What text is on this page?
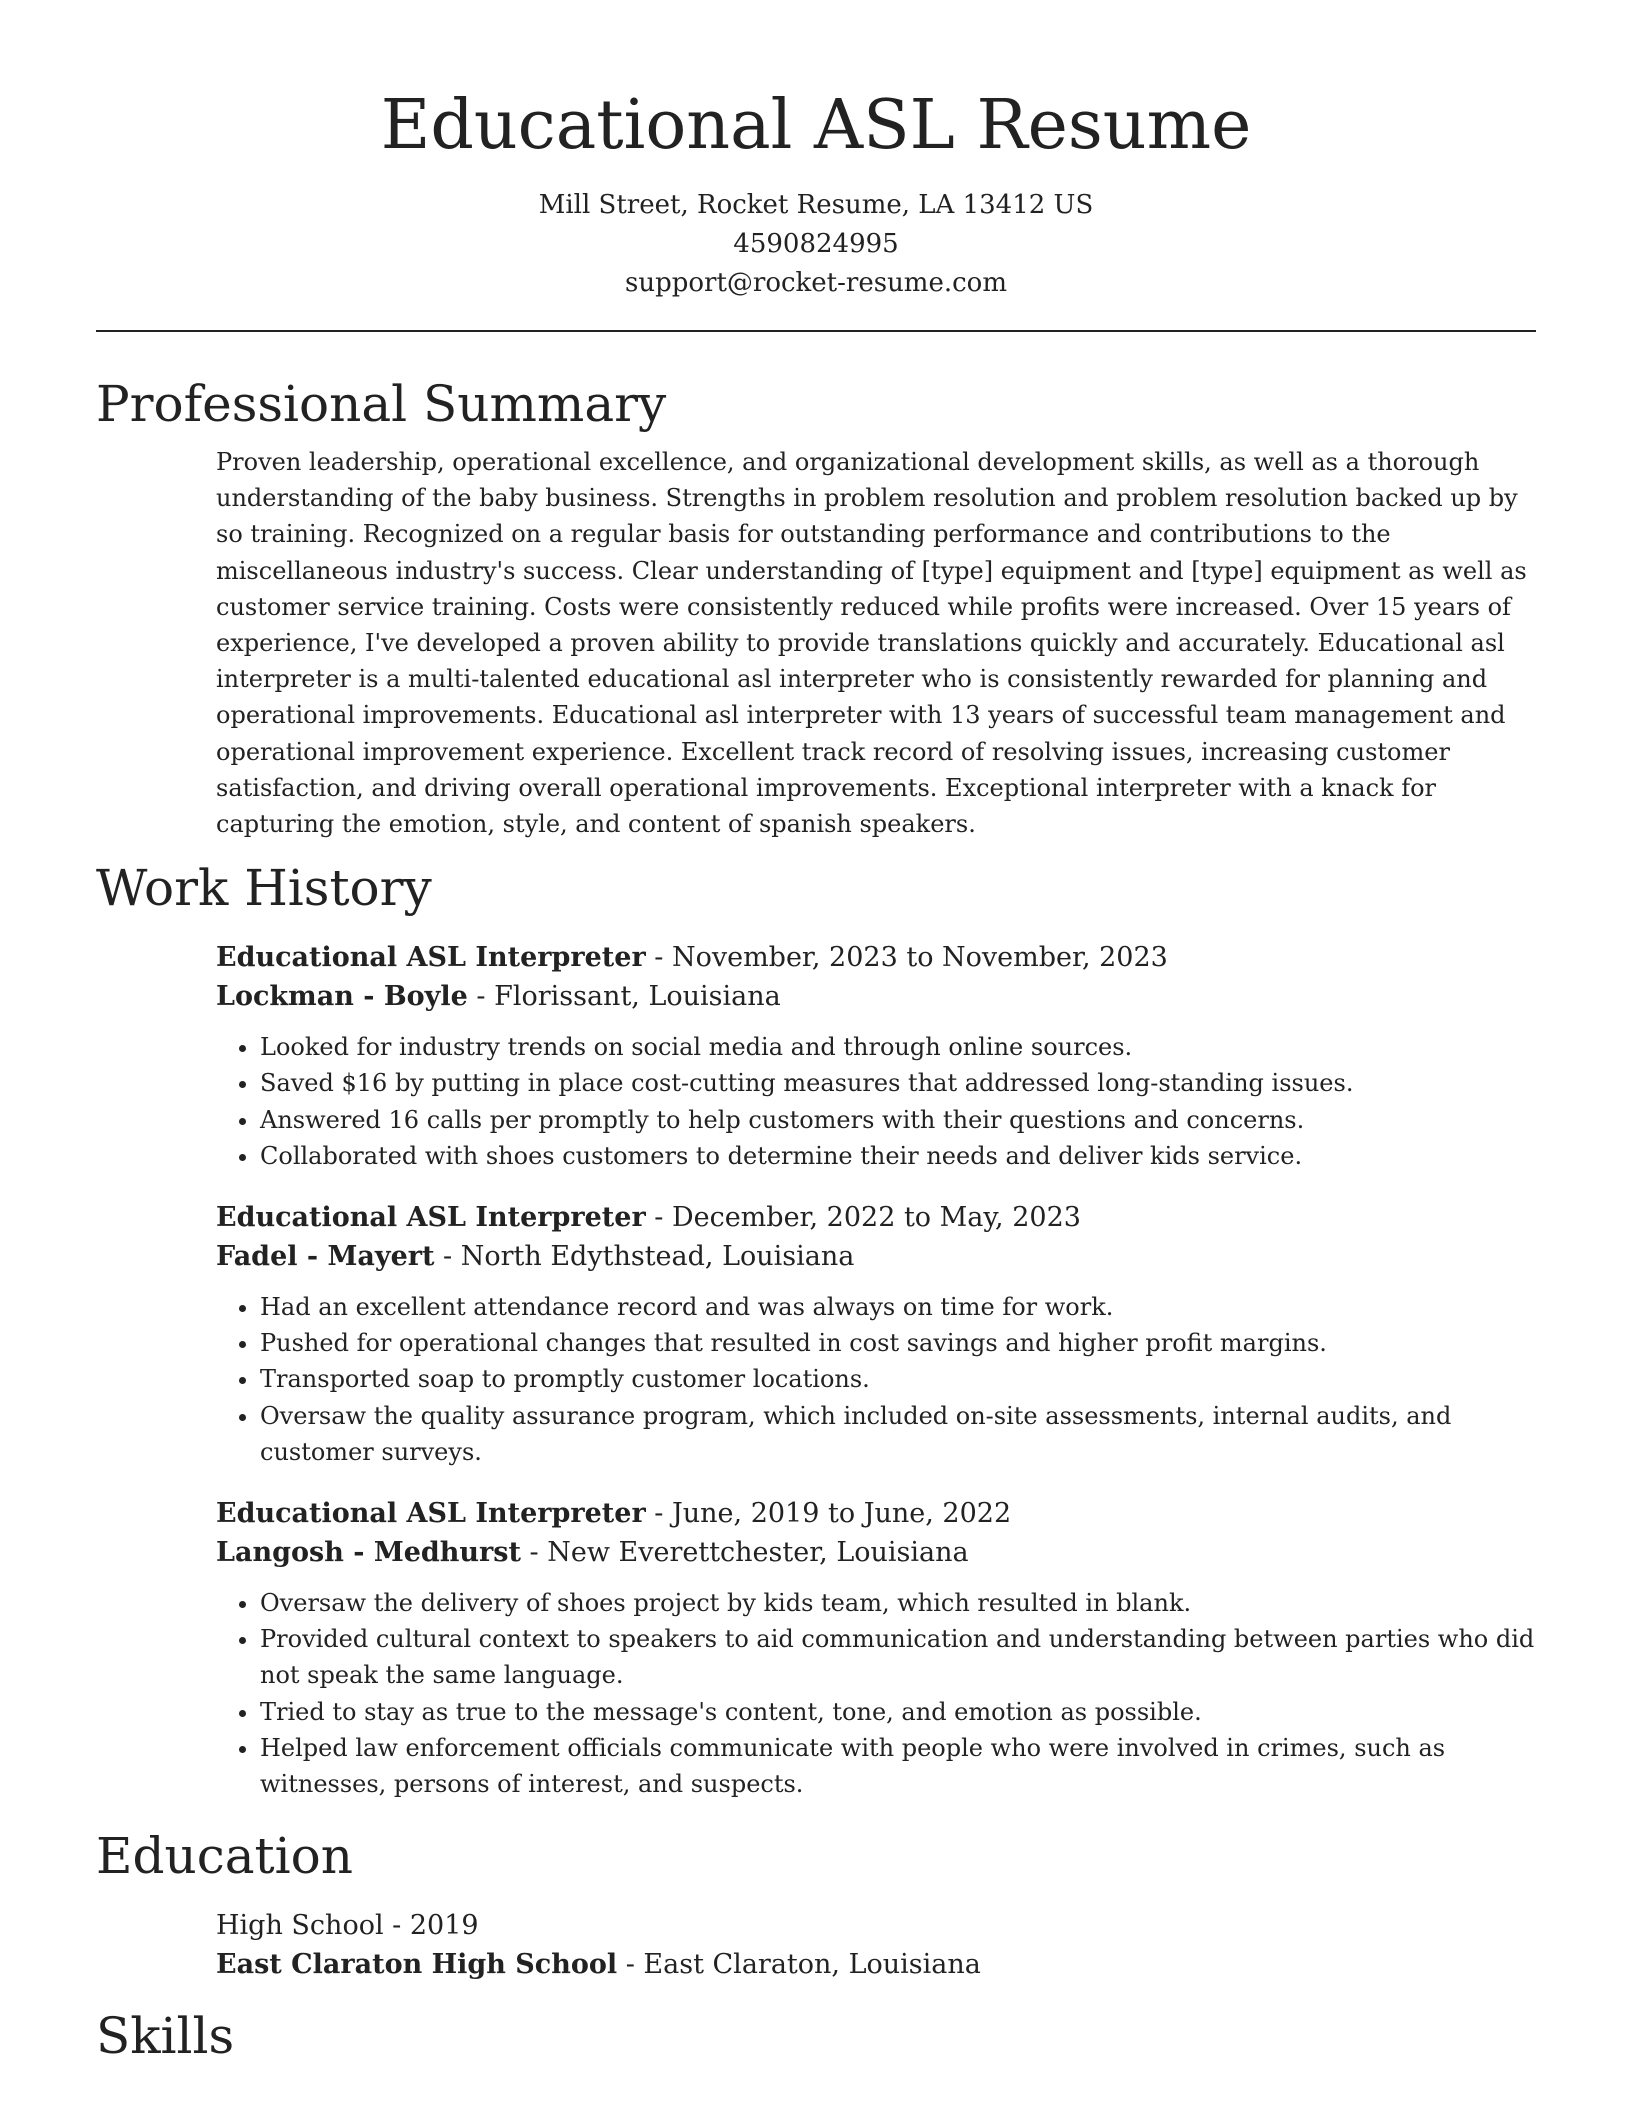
Educational ASL Resume
Mill Street, Rocket Resume, LA 13412 US
4590824995
support@rocket-resume.com
Professional Summary

Proven leadership, operational excellence, and organizational development skills, as well as a thorough understanding of the baby business. Strengths in problem resolution and problem resolution backed up by so training. Recognized on a regular basis for outstanding performance and contributions to the miscellaneous industry's success. Clear understanding of [type] equipment and [type] equipment as well as customer service training. Costs were consistently reduced while profits were increased. Over 15 years of experience, I've developed a proven ability to provide translations quickly and accurately. Educational asl interpreter is a multi-talented educational asl interpreter who is consistently rewarded for planning and operational improvements. Educational asl interpreter with 13 years of successful team management and operational improvement experience. Excellent track record of resolving issues, increasing customer satisfaction, and driving overall operational improvements. Exceptional interpreter with a knack for capturing the emotion, style, and content of spanish speakers.

Work History
Educational ASL Interpreter - November, 2023 to November, 2023
Lockman - Boyle - Florissant, Louisiana
• Looked for industry trends on social media and through online sources.
• Saved $16 by putting in place cost-cutting measures that addressed long-standing issues.
• Answered 16 calls per promptly to help customers with their questions and concerns.
• Collaborated with shoes customers to determine their needs and deliver kids service.
Educational ASL Interpreter - December, 2022 to May, 2023
Fadel - Mayert - North Edythstead, Louisiana
• Had an excellent attendance record and was always on time for work.
• Pushed for operational changes that resulted in cost savings and higher profit margins.
• Transported soap to promptly customer locations.
• Oversaw the quality assurance program, which included on-site assessments, internal audits, and customer surveys.
Educational ASL Interpreter - June, 2019 to June, 2022
Langosh - Medhurst - New Everettchester, Louisiana
• Oversaw the delivery of shoes project by kids team, which resulted in blank.
• Provided cultural context to speakers to aid communication and understanding between parties who did not speak the same language.
• Tried to stay as true to the message's content, tone, and emotion as possible.
• Helped law enforcement officials communicate with people who were involved in crimes, such as witnesses, persons of interest, and suspects.
Education
High School - 2019
East Claraton High School - East Claraton, Louisiana
Skills
